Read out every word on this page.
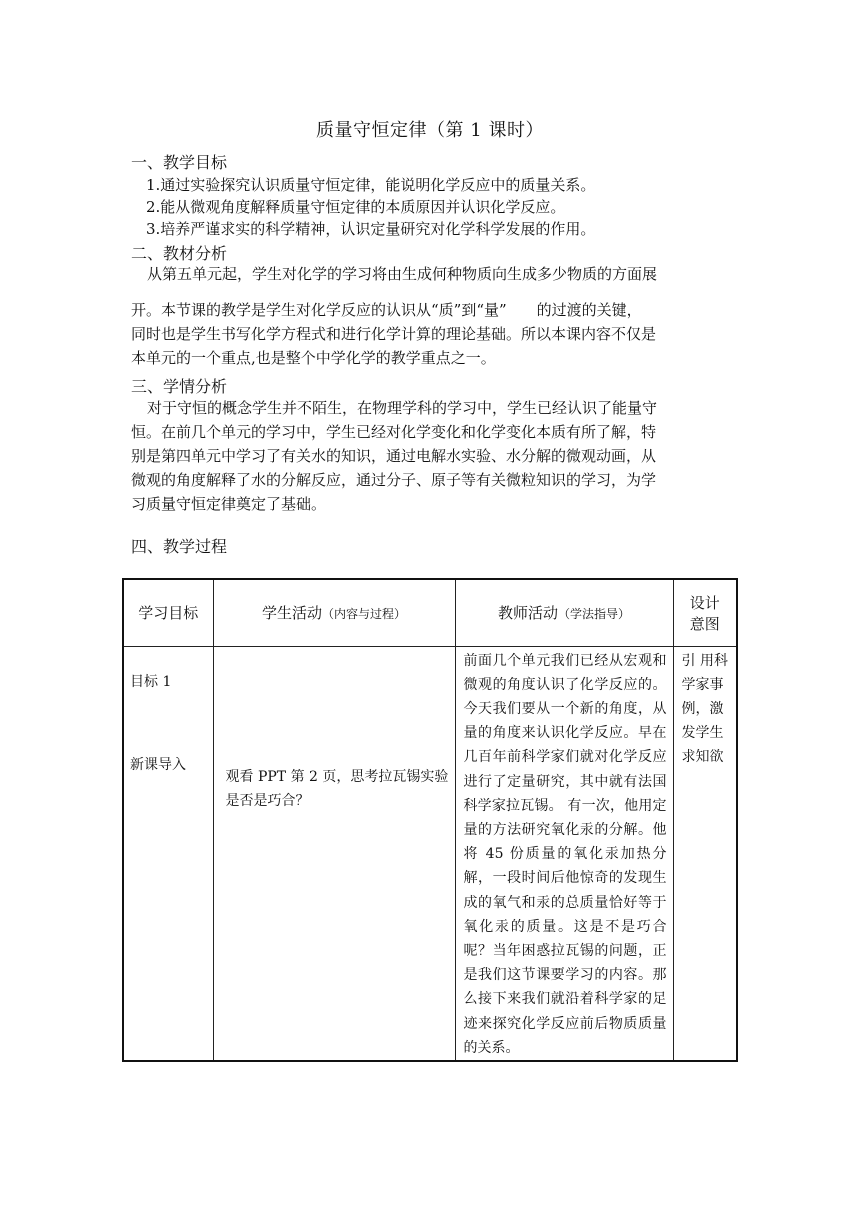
质量守恒定律（第 1 课时）
一、教学目标
1.通过实验探究认识质量守恒定律，能说明化学反应中的质量关系。
2.能从微观角度解释质量守恒定律的本质原因并认识化学反应。
3.培养严谨求实的科学精神，认识定量研究对化学科学发展的作用。
二、教材分析
从第五单元起，学生对化学的学习将由生成何种物质向生成多少物质的方面展
开。本节课的教学是学生对化学反应的认识从“质”到“量”　　的过渡的关键，
同时也是学生书写化学方程式和进行化学计算的理论基础。所以本课内容不仅是
本单元的一个重点,也是整个中学化学的教学重点之一。
三、学情分析
对于守恒的概念学生并不陌生，在物理学科的学习中，学生已经认识了能量守
恒。在前几个单元的学习中，学生已经对化学变化和化学变化本质有所了解，特
别是第四单元中学习了有关水的知识，通过电解水实验、水分解的微观动画，从
微观的角度解释了水的分解反应，通过分子、原子等有关微粒知识的学习，为学
习质量守恒定律奠定了基础。
四、教学过程
学习目标	学生活动（内容与过程）	教师活动（学法指导）	设计
意图

目标 1
新课导入	观看 PPT 第 2 页，思考拉瓦锡实验是否是巧合？	前面几个单元我们已经从宏观和微观的角度认识了化学反应的。今天我们要从一个新的角度，从量的角度来认识化学反应。早在几百年前科学家们就对化学反应进行了定量研究，其中就有法国科学家拉瓦锡。 有一次，他用定量的方法研究氧化汞的分解。他将 45 份质量的氧化汞加热分解，一段时间后他惊奇的发现生成的氧气和汞的总质量恰好等于氧化汞的质量。这是不是巧合呢？当年困惑拉瓦锡的问题，正是我们这节课要学习的内容。那么接下来我们就沿着科学家的足迹来探究化学反应前后物质质量的关系。	引 用科学家事例，激发学生求知欲
